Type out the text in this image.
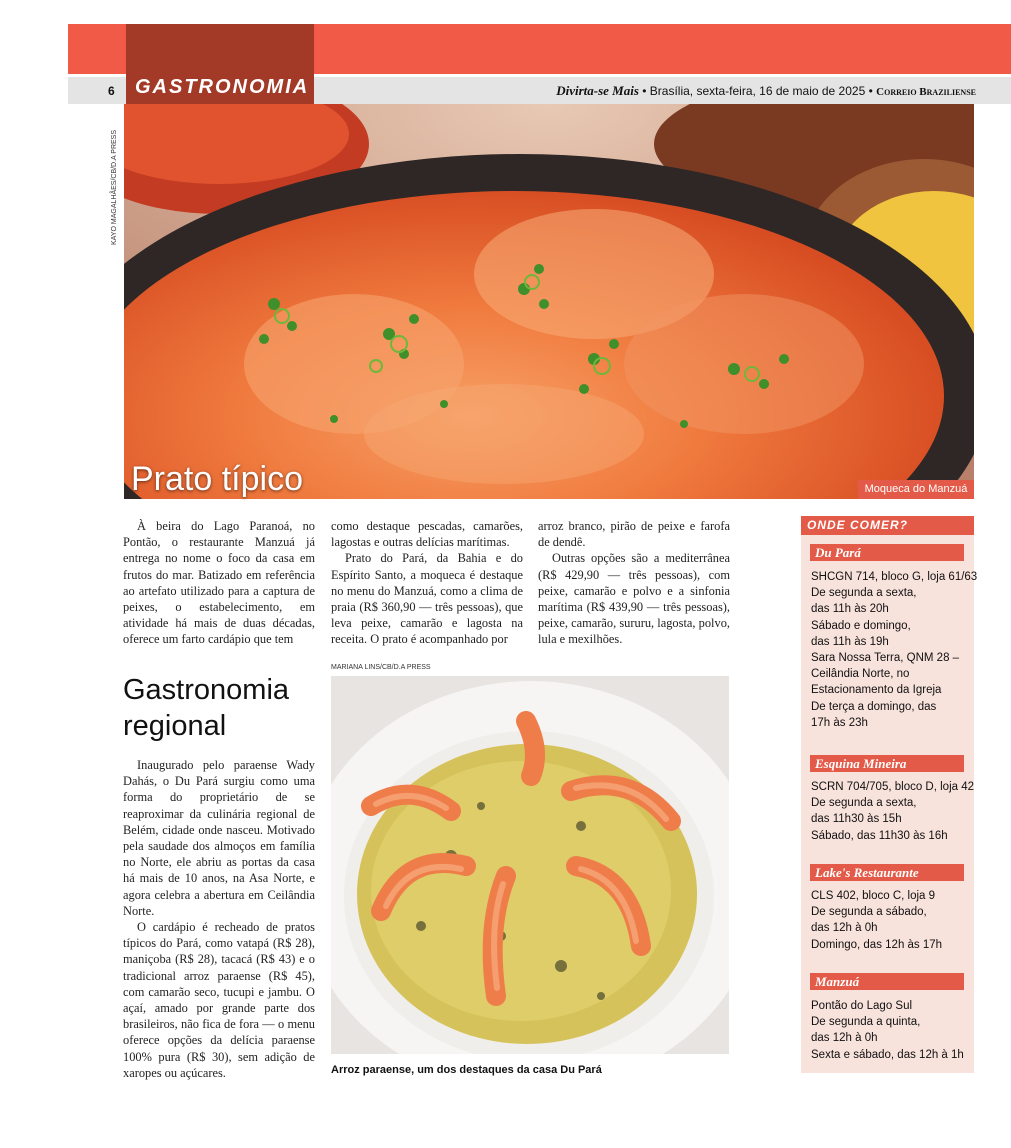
6 GASTRONOMIA	Divirta-se Mais • Brasília, sexta-feira, 16 de maio de 2025 • Correio Braziliense
KAYO MAGALHÃES/CB/D.A PRESS
Prato típico	Moqueca do Manzuá

À beira do Lago Paranoá, no Pontão, o restaurante Manzuá já entrega no nome o foco da casa em frutos do mar. Batizado em referência ao artefato utilizado para a captura de peixes, o estabelecimento, em atividade há mais de duas décadas, oferece um farto cardápio que tem

como destaque pescadas, camarões, lagostas e outras delícias marítimas.

Prato do Pará, da Bahia e do Espírito Santo, a moqueca é destaque no menu do Manzuá, como a clima de praia (R$ 360,90 — três pessoas), que leva peixe, camarão e lagosta na receita. O prato é acompanhado por

arroz branco, pirão de peixe e farofa de dendê.

Outras opções são a mediterrânea (R$ 429,90 — três pessoas), com peixe, camarão e polvo e a sinfonia marítima (R$ 439,90 — três pessoas), peixe, camarão, sururu, lagosta, polvo, lula e mexilhões.

Gastronomia regional

Inaugurado pelo paraense Wady Dahás, o Du Pará surgiu como uma forma do proprietário de se reaproximar da culinária regional de Belém, cidade onde nasceu. Motivado pela saudade dos almoços em família no Norte, ele abriu as portas da casa há mais de 10 anos, na Asa Norte, e agora celebra a abertura em Ceilândia Norte.

O cardápio é recheado de pratos típicos do Pará, como vatapá (R$ 28), maniçoba (R$ 28), tacacá (R$ 43) e o tradicional arroz paraense (R$ 45), com camarão seco, tucupi e jambu. O açaí, amado por grande parte dos brasileiros, não fica de fora — o menu oferece opções da delícia paraense 100% pura (R$ 30), sem adição de xaropes ou açúcares.

MARIANA LINS/CB/D.A PRESS
Arroz paraense, um dos destaques da casa Du Pará
ONDE COMER?
Du Pará
SHCGN 714, bloco G, loja 61/63
De segunda a sexta,
das 11h às 20h
Sábado e domingo,
das 11h às 19h
Sara Nossa Terra, QNM 28 –
Ceilândia Norte, no
Estacionamento da Igreja
De terça a domingo, das
17h às 23h
Esquina Mineira
SCRN 704/705, bloco D, loja 42
De segunda a sexta,
das 11h30 às 15h
Sábado, das 11h30 às 16h
Lake's Restaurante
CLS 402, bloco C, loja 9
De segunda a sábado,
das 12h à 0h
Domingo, das 12h às 17h
Manzuá
Pontão do Lago Sul
De segunda a quinta,
das 12h à 0h
Sexta e sábado, das 12h à 1h
